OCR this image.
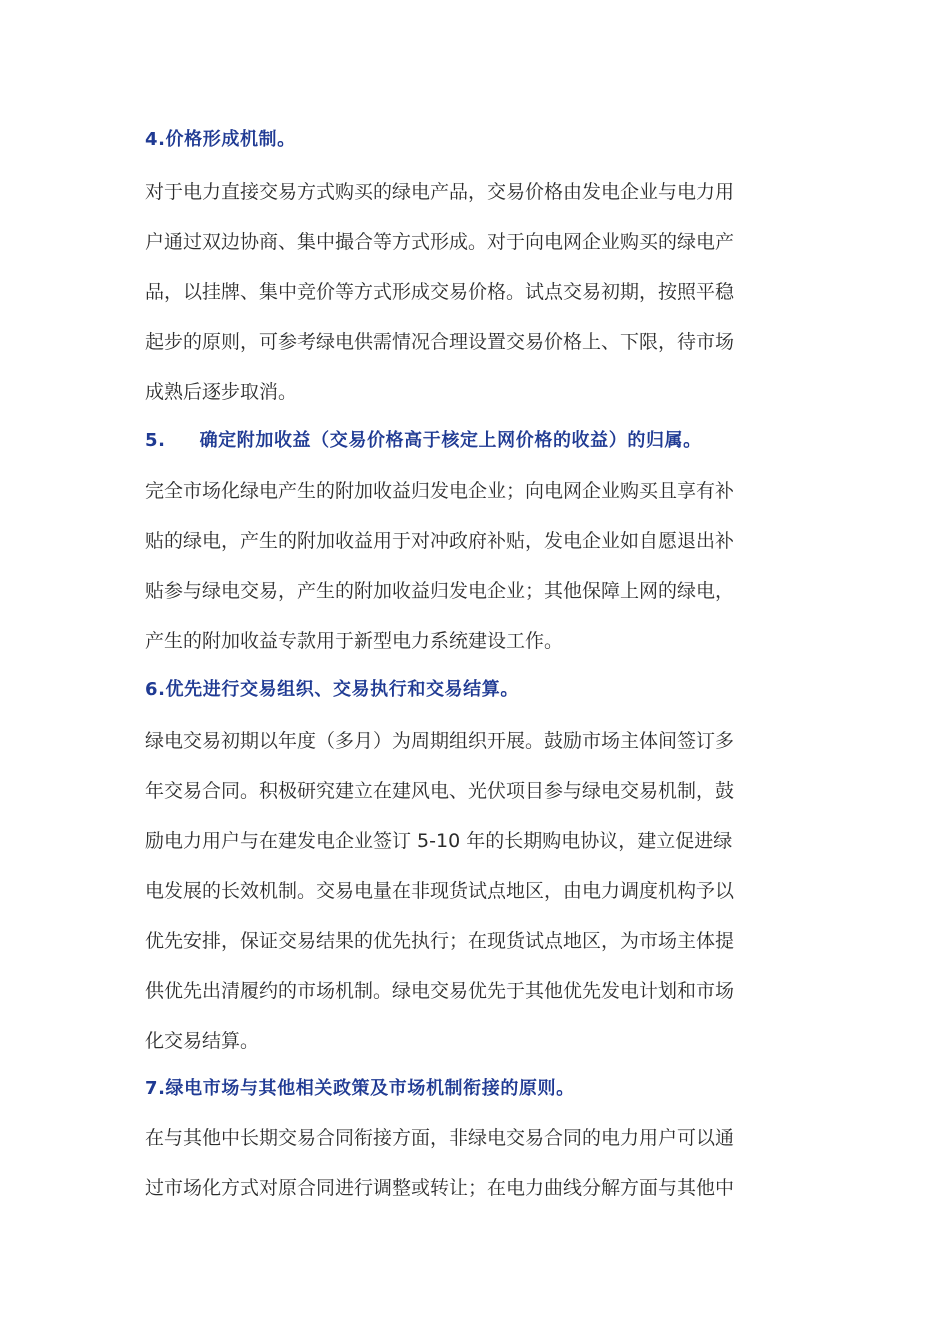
4.价格形成机制。
对于电力直接交易方式购买的绿电产品，交易价格由发电企业与电力用
户通过双边协商、集中撮合等方式形成。对于向电网企业购买的绿电产
品，以挂牌、集中竞价等方式形成交易价格。试点交易初期，按照平稳
起步的原则，可参考绿电供需情况合理设置交易价格上、下限，待市场
成熟后逐步取消。
5. 确定附加收益（交易价格高于核定上网价格的收益）的归属。
完全市场化绿电产生的附加收益归发电企业；向电网企业购买且享有补
贴的绿电，产生的附加收益用于对冲政府补贴，发电企业如自愿退出补
贴参与绿电交易，产生的附加收益归发电企业；其他保障上网的绿电，
产生的附加收益专款用于新型电力系统建设工作。
6.优先进行交易组织、交易执行和交易结算。
绿电交易初期以年度（多月）为周期组织开展。鼓励市场主体间签订多
年交易合同。积极研究建立在建风电、光伏项目参与绿电交易机制，鼓
励电力用户与在建发电企业签订 5-10 年的长期购电协议，建立促进绿
电发展的长效机制。交易电量在非现货试点地区，由电力调度机构予以
优先安排，保证交易结果的优先执行；在现货试点地区，为市场主体提
供优先出清履约的市场机制。绿电交易优先于其他优先发电计划和市场
化交易结算。
7.绿电市场与其他相关政策及市场机制衔接的原则。
在与其他中长期交易合同衔接方面，非绿电交易合同的电力用户可以通
过市场化方式对原合同进行调整或转让；在电力曲线分解方面与其他中
